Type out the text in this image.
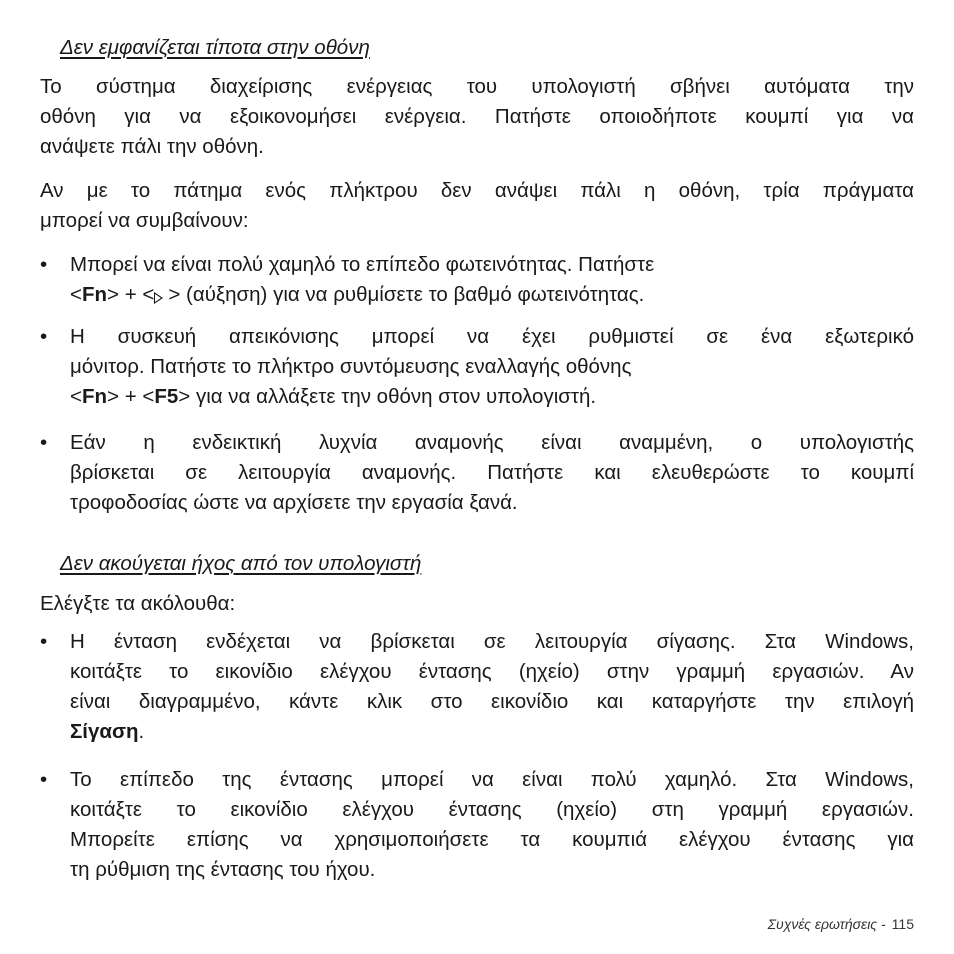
Δεν εμφανίζεται τίποτα στην οθόνη
Το σύστημα διαχείρισης ενέργειας του υπολογιστή σβήνει αυτόματα την
οθόνη για να εξοικονομήσει ενέργεια. Πατήστε οποιοδήποτε κουμπί για να
ανάψετε πάλι την οθόνη.
Αν με το πάτημα ενός πλήκτρου δεν ανάψει πάλι η οθόνη, τρία πράγματα
μπορεί να συμβαίνουν:
•	Μπορεί να είναι πολύ χαμηλό το επίπεδο φωτεινότητας. Πατήστε
<Fn> + < > (αύξηση) για να ρυθμίσετε το βαθμό φωτεινότητας.
•	Η συσκευή απεικόνισης μπορεί να έχει ρυθμιστεί σε ένα εξωτερικό
μόνιτορ. Πατήστε το πλήκτρο συντόμευσης εναλλαγής οθόνης
<Fn> + <F5> για να αλλάξετε την οθόνη στον υπολογιστή.
•	Εάν η ενδεικτική λυχνία αναμονής είναι αναμμένη, ο υπολογιστής
βρίσκεται σε λειτουργία αναμονής. Πατήστε και ελευθερώστε το κουμπί
τροφοδοσίας ώστε να αρχίσετε την εργασία ξανά.
Δεν ακούγεται ήχος από τον υπολογιστή
Ελέγξτε τα ακόλουθα:
•	Η ένταση ενδέχεται να βρίσκεται σε λειτουργία σίγασης. Στα Windows,
κοιτάξτε το εικονίδιο ελέγχου έντασης (ηχείο) στην γραμμή εργασιών. Αν
είναι διαγραμμένο, κάντε κλικ στο εικονίδιο και καταργήστε την επιλογή
Σίγαση.
•	Το επίπεδο της έντασης μπορεί να είναι πολύ χαμηλό. Στα Windows,
κοιτάξτε το εικονίδιο ελέγχου έντασης (ηχείο) στη γραμμή εργασιών.
Μπορείτε επίσης να χρησιμοποιήσετε τα κουμπιά ελέγχου έντασης για
τη ρύθμιση της έντασης του ήχου.
Συχνές ερωτήσεις - 115
